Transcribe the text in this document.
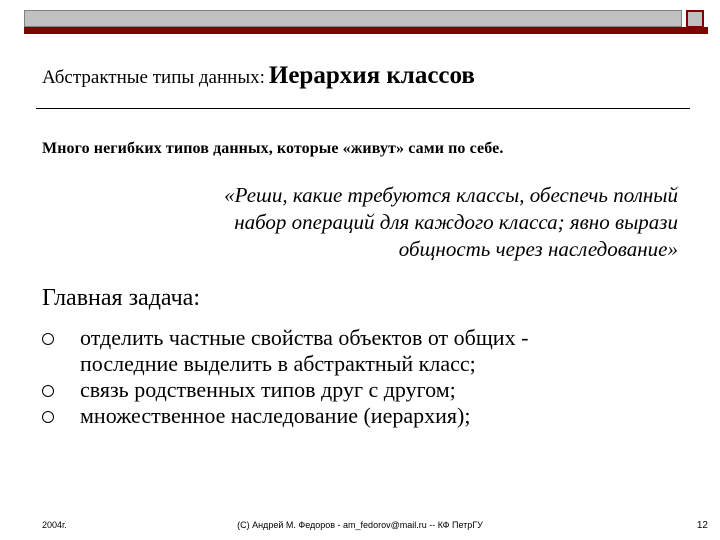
Абстрактные типы данных: Иерархия классов
Много негибких типов данных, которые «живут» сами по себе.
«Реши, какие требуются классы, обеспечь полный
набор операций для каждого класса; явно вырази
общность через наследование»
Главная задача:
отделить частные свойства объектов от общих -
последние выделить в абстрактный класс;
связь родственных типов друг с другом;
множественное наследование (иерархия);
2004г.	(С) Андрей М. Федоров - am_fedorov@mail.ru -- КФ ПетрГУ	12
